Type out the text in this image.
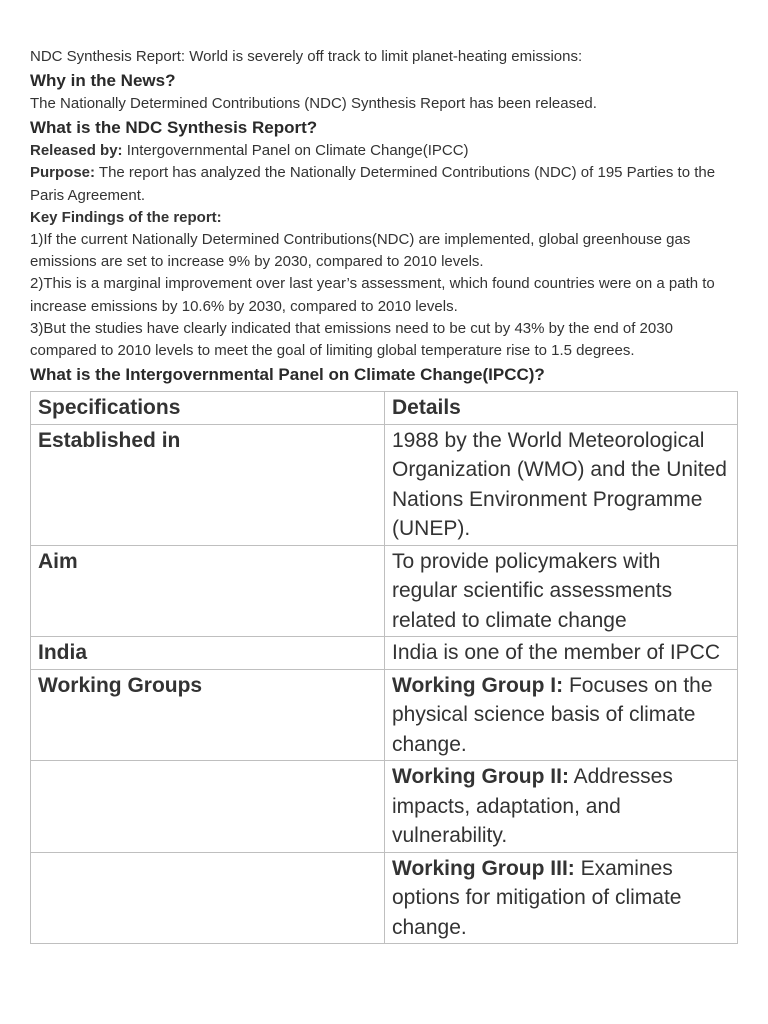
NDC Synthesis Report: World is severely off track to limit planet-heating emissions:
Why in the News?

The Nationally Determined Contributions (NDC) Synthesis Report has been released.

What is the NDC Synthesis Report?

Released by: Intergovernmental Panel on Climate Change(IPCC)

Purpose: The report has analyzed the Nationally Determined Contributions (NDC) of 195 Parties to the Paris Agreement.

Key Findings of the report:

1)If the current Nationally Determined Contributions(NDC) are implemented, global greenhouse gas emissions are set to increase 9% by 2030, compared to 2010 levels.

2)This is a marginal improvement over last year’s assessment, which found countries were on a path to increase emissions by 10.6% by 2030, compared to 2010 levels.

3)But the studies have clearly indicated that emissions need to be cut by 43% by the end of 2030 compared to 2010 levels to meet the goal of limiting global temperature rise to 1.5 degrees.

What is the Intergovernmental Panel on Climate Change(IPCC)?
Specifications	Details
Established in	1988 by the World Meteorological Organization (WMO) and the United Nations Environment Programme (UNEP).
Aim	To provide policymakers with regular scientific assessments related to climate change
India	India is one of the member of IPCC
Working Groups	Working Group I: Focuses on the physical science basis of climate change.
	Working Group II: Addresses impacts, adaptation, and vulnerability.
	Working Group III: Examines options for mitigation of climate change.
